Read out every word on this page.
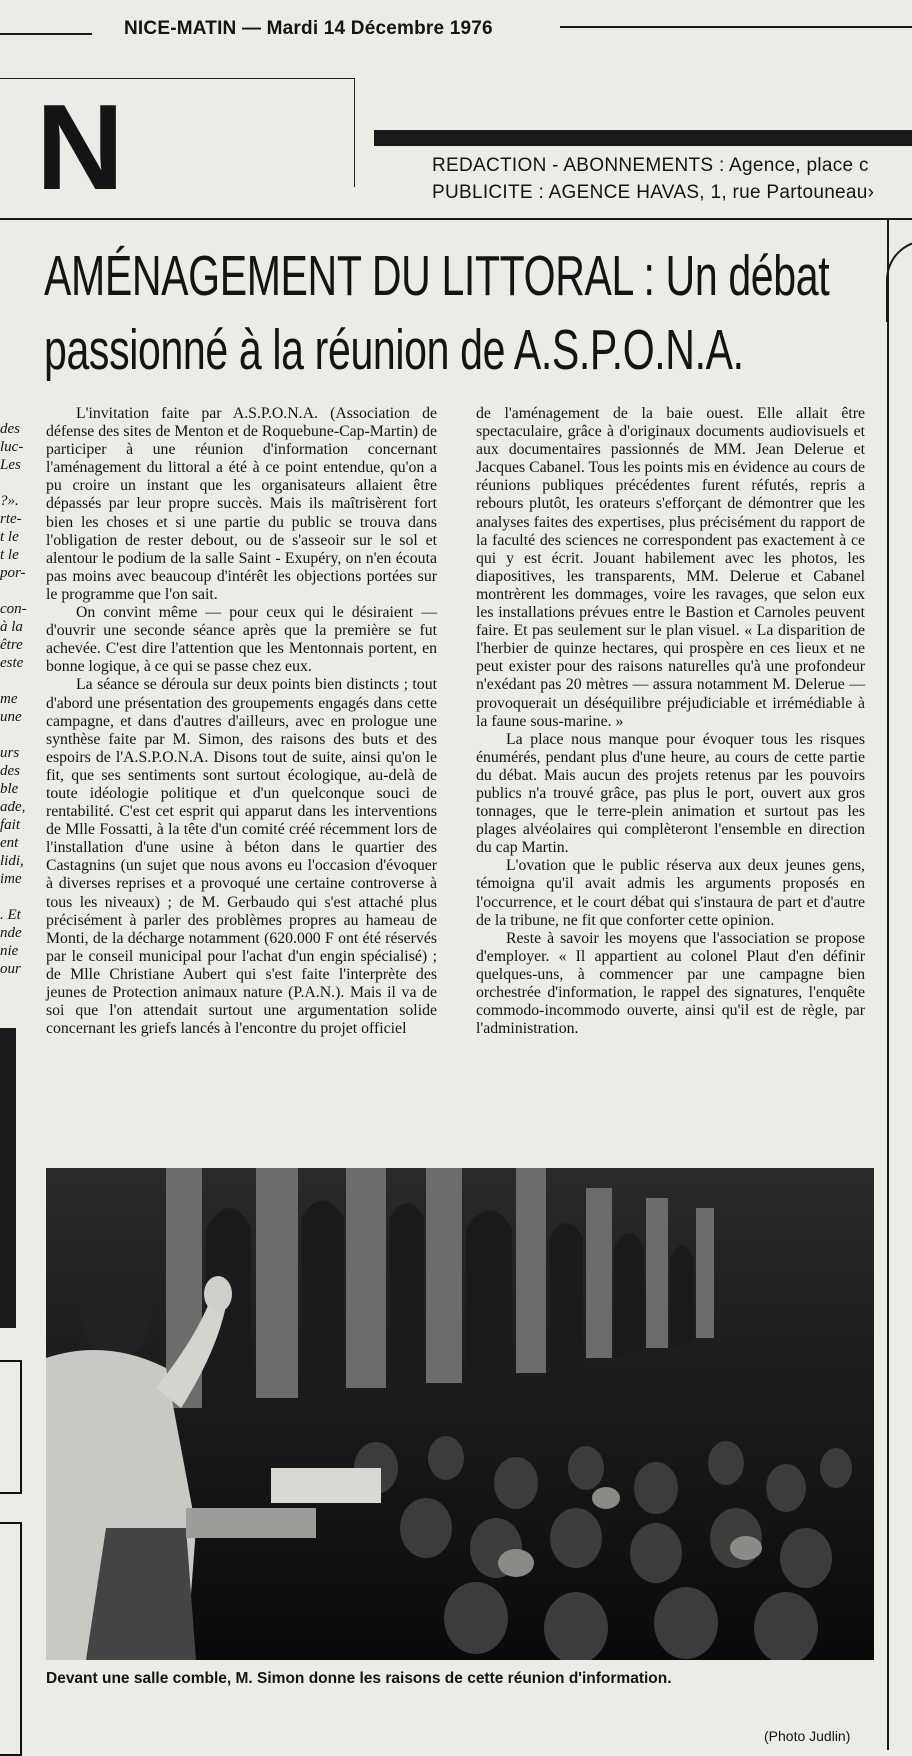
NICE-MATIN — Mardi 14 Décembre 1976
N	REDACTION - ABONNEMENTS : Agence, place c
PUBLICITE : AGENCE HAVAS, 1, rue Partouneau›
des
luc-
Les

?».
rte-
t le
t le
por-

con-
à la
être
este

me
une

urs
des
ble
ade,
fait
ent
lidi,
ime

. Et
nde
nie
our
AMÉNAGEMENT DU LITTORAL : Un débat
passionné à la réunion de A.S.P.O.N.A.

L'invitation faite par A.S.P.O.N.A. (Association de défense des sites de Menton et de Roquebune-Cap-Martin) de participer à une réunion d'information concernant l'aménagement du littoral a été à ce point entendue, qu'on a pu croire un instant que les organisateurs allaient être dépassés par leur propre succès. Mais ils maîtrisèrent fort bien les choses et si une partie du public se trouva dans l'obligation de rester debout, ou de s'asseoir sur le sol et alentour le podium de la salle Saint - Exupéry, on n'en écouta pas moins avec beaucoup d'intérêt les objections portées sur le programme que l'on sait.

On convint même — pour ceux qui le désiraient — d'ouvrir une seconde séance après que la première se fut achevée. C'est dire l'attention que les Mentonnais portent, en bonne logique, à ce qui se passe chez eux.

La séance se déroula sur deux points bien distincts ; tout d'abord une présentation des groupements engagés dans cette campagne, et dans d'autres d'ailleurs, avec en prologue une synthèse faite par M. Simon, des raisons des buts et des espoirs de l'A.S.P.O.N.A. Disons tout de suite, ainsi qu'on le fit, que ses sentiments sont surtout écologique, au-delà de toute idéologie politique et d'un quelconque souci de rentabilité. C'est cet esprit qui apparut dans les interventions de Mlle Fossatti, à la tête d'un comité créé récemment lors de l'installation d'une usine à béton dans le quartier des Castagnins (un sujet que nous avons eu l'occasion d'évoquer à diverses reprises et a provoqué une certaine controverse à tous les niveaux) ; de M. Gerbaudo qui s'est attaché plus précisément à parler des problèmes propres au hameau de Monti, de la décharge notamment (620.000 F ont été réservés par le conseil municipal pour l'achat d'un engin spécialisé) ; de Mlle Christiane Aubert qui s'est faite l'interprète des jeunes de Protection animaux nature (P.A.N.). Mais il va de soi que l'on attendait surtout une argumentation solide concernant les griefs lancés à l'encontre du projet officiel

de l'aménagement de la baie ouest. Elle allait être spectaculaire, grâce à d'originaux documents audiovisuels et aux documentaires passionnés de MM. Jean Delerue et Jacques Cabanel. Tous les points mis en évidence au cours de réunions publiques précédentes furent réfutés, repris a rebours plutôt, les orateurs s'efforçant de démontrer que les analyses faites des expertises, plus précisément du rapport de la faculté des sciences ne correspondent pas exactement à ce qui y est écrit. Jouant habilement avec les photos, les diapositives, les transparents, MM. Delerue et Cabanel montrèrent les dommages, voire les ravages, que selon eux les installations prévues entre le Bastion et Carnoles peuvent faire. Et pas seulement sur le plan visuel. « La disparition de l'herbier de quinze hectares, qui prospère en ces lieux et ne peut exister pour des raisons naturelles qu'à une profondeur n'exédant pas 20 mètres — assura notamment M. Delerue — provoquerait un déséquilibre préjudiciable et irrémédiable à la faune sous-marine. »

La place nous manque pour évoquer tous les risques énumérés, pendant plus d'une heure, au cours de cette partie du débat. Mais aucun des projets retenus par les pouvoirs publics n'a trouvé grâce, pas plus le port, ouvert aux gros tonnages, que le terre-plein animation et surtout pas les plages alvéolaires qui complèteront l'ensemble en direction du cap Martin.

L'ovation que le public réserva aux deux jeunes gens, témoigna qu'il avait admis les arguments proposés en l'occurrence, et le court débat qui s'instaura de part et d'autre de la tribune, ne fit que conforter cette opinion.

Reste à savoir les moyens que l'association se propose d'employer. « Il appartient au colonel Plaut d'en définir quelques-uns, à commencer par une campagne bien orchestrée d'information, le rappel des signatures, l'enquête commodo-incommodo ouverte, ainsi qu'il est de règle, par l'administration.

Devant une salle comble, M. Simon donne les raisons de cette réunion d'information.
(Photo Judlin)
